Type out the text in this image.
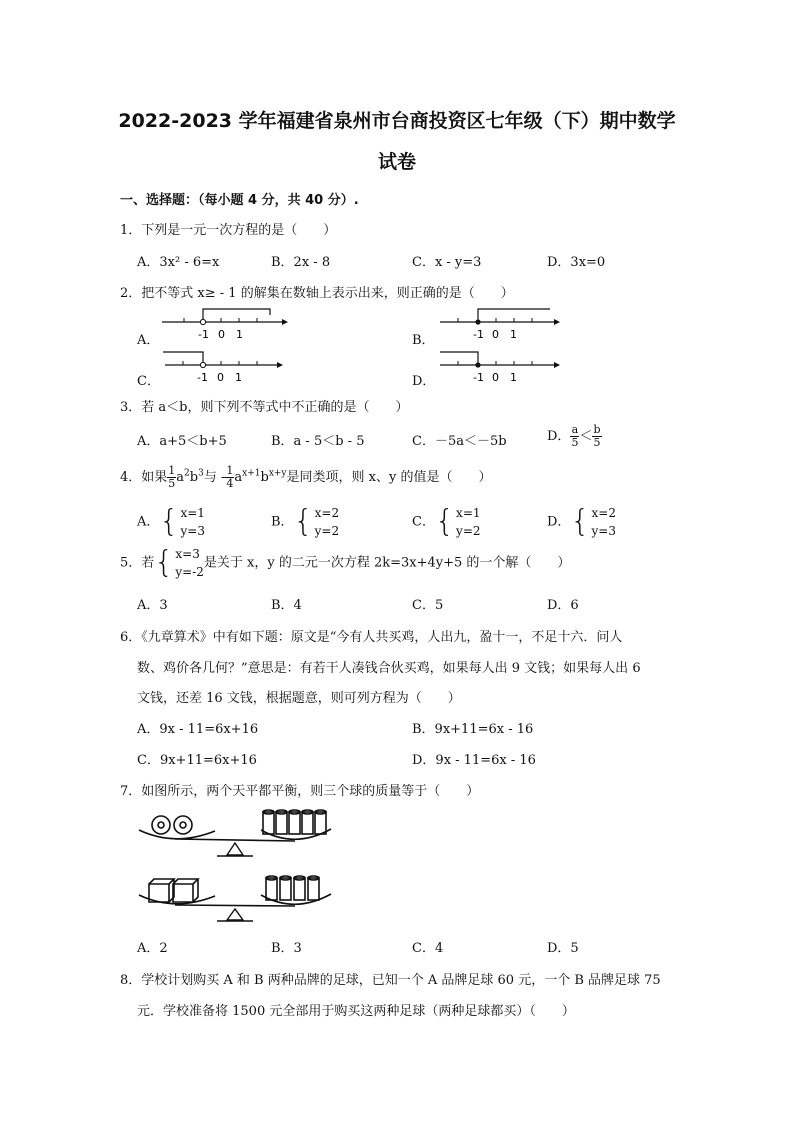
2022-2023 学年福建省泉州市台商投资区七年级（下）期中数学
试卷
一、选择题：（每小题 4 分，共 40 分）.
1．下列是一元一次方程的是（　　）
A．3x² - 6=x	B．2x - 8	C．x - y=3	D．3x=0
2．把不等式 x≥ - 1 的解集在数轴上表示出来，则正确的是（　　）
A．	B．
C．	D．
-1 0 1	-1 0 1
-1 0 1	-1 0 1
3．若 a＜b，则下列不等式中不正确的是（　　）
A．a+5＜b+5	B．a - 5＜b - 5	C．－5a＜－5b	D． $\frac{a}{5} < \frac{b}{5}$
4．如果 $\frac{1}{5} a^2b^3$与 - $\frac{1}{4} a^{x+1}b^{x+y}$是同类项，则 x、y 的值是（　　）
A． { x=1
y=3
B． { x=2
y=2
C． { x=1
y=2
D． { x=2
y=3
5．若 { x=3
y=-2
是关于 x，y 的二元一次方程 2k=3x+4y+5 的一个解（　　）
A．3	B．4	C．5	D．6
6．《九章算术》中有如下题：原文是“今有人共买鸡，人出九，盈十一，不足十六．问人
数、鸡价各几何？”意思是：有若干人凑钱合伙买鸡，如果每人出 9 文钱；如果每人出 6
文钱，还差 16 文钱，根据题意，则可列方程为（　　）
A．9x - 11=6x+16	B．9x+11=6x - 16
C．9x+11=6x+16	D．9x - 11=6x - 16
7．如图所示，两个天平都平衡，则三个球的质量等于（　　）
A．2	B．3	C．4	D．5
8．学校计划购买 A 和 B 两种品牌的足球，已知一个 A 品牌足球 60 元，一个 B 品牌足球 75
元．学校准备将 1500 元全部用于购买这两种足球（两种足球都买）（　　）
